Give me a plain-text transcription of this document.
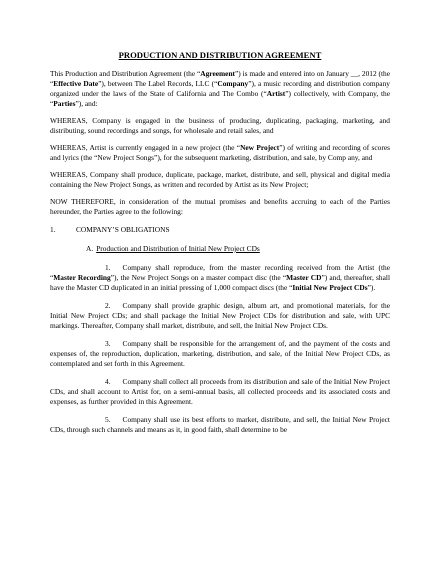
PRODUCTION AND DISTRIBUTION AGREEMENT

This Production and Distribution Agreement (the “Agreement”) is made and entered into on January __, 2012 (the “Effective Date”), between The Label Records, LLC (“Company”), a music recording and distribution company organized under the laws of the State of California and The Combo (“Artist”) collectively, with Company, the “Parties”), and:

WHEREAS, Company is engaged in the business of producing, duplicating, packaging, marketing, and distributing, sound recordings and songs, for wholesale and retail sales, and

WHEREAS, Artist is currently engaged in a new project (the “New Project”) of writing and recording of scores and lyrics (the “New Project Songs”), for the subsequent marketing, distribution, and sale, by Comp any, and

WHEREAS, Company shall produce, duplicate, package, market, distribute, and sell, physical and digital media containing the New Project Songs, as written and recorded by Artist as its New Project;

NOW THEREFORE, in consideration of the mutual promises and benefits accruing to each of the Parties hereunder, the Parties agree to the following:

1.	COMPANY’S OBLIGATIONS
A. Production and Distribution of Initial New Project CDs

1. Company shall reproduce, from the master recording received from the Artist (the “Master Recording”), the New Project Songs on a master compact disc (the “Master CD”) and, thereafter, shall have the Master CD duplicated in an initial pressing of 1,000 compact discs (the “Initial New Project CDs”).

2. Company shall provide graphic design, album art, and promotional materials, for the Initial New Project CDs; and shall package the Initial New Project CDs for distribution and sale, with UPC markings. Thereafter, Company shall market, distribute, and sell, the Initial New Project CDs.

3. Company shall be responsible for the arrangement of, and the payment of the costs and expenses of, the reproduction, duplication, marketing, distribution, and sale, of the Initial New Project CDs, as contemplated and set forth in this Agreement.

4. Company shall collect all proceeds from its distribution and sale of the Initial New Project CDs, and shall account to Artist for, on a semi-annual basis, all collected proceeds and its associated costs and expenses, as further provided in this Agreement.

5. Company shall use its best efforts to market, distribute, and sell, the Initial New Project CDs, through such channels and means as it, in good faith, shall determine to be
